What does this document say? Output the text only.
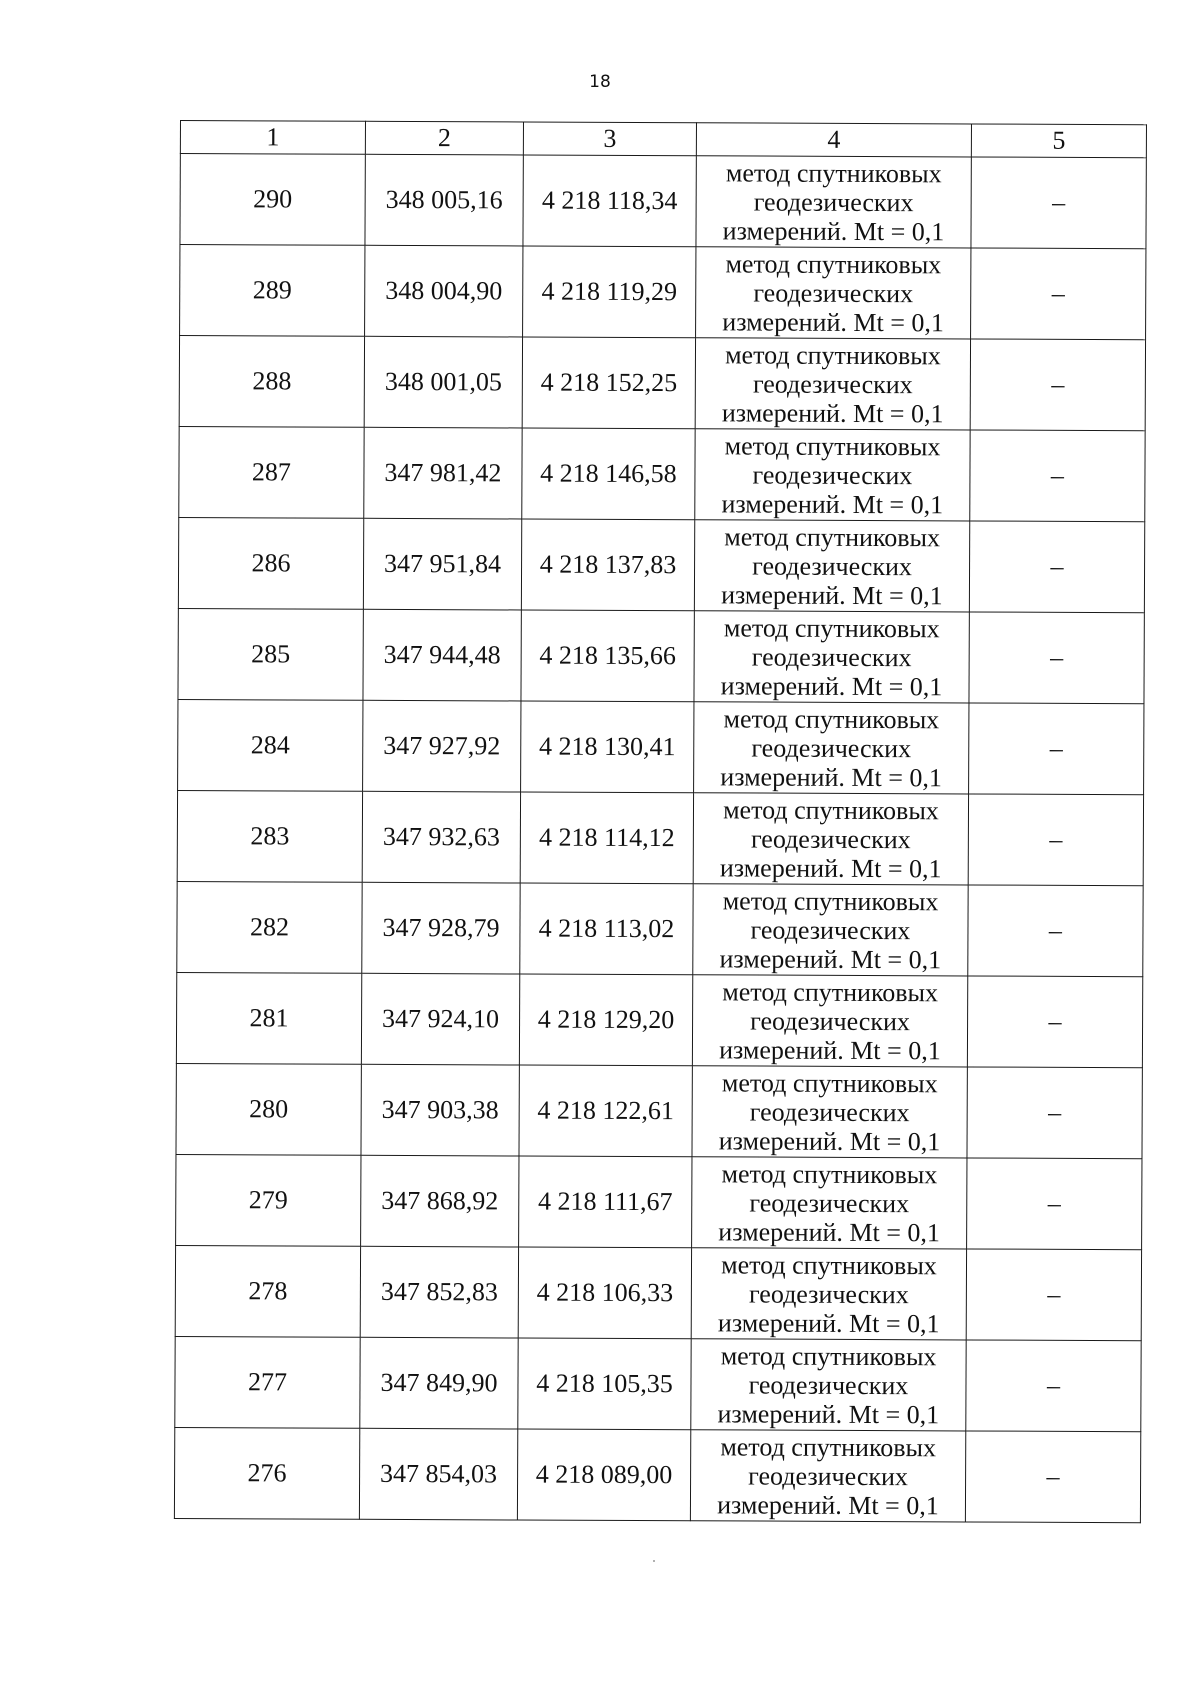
18
1	2	3	4	5
290	348 005,16	4 218 118,34	метод спутниковых
геодезических
измерений. Mt = 0,1	–
289	348 004,90	4 218 119,29	метод спутниковых
геодезических
измерений. Mt = 0,1	–
288	348 001,05	4 218 152,25	метод спутниковых
геодезических
измерений. Mt = 0,1	–
287	347 981,42	4 218 146,58	метод спутниковых
геодезических
измерений. Mt = 0,1	–
286	347 951,84	4 218 137,83	метод спутниковых
геодезических
измерений. Mt = 0,1	–
285	347 944,48	4 218 135,66	метод спутниковых
геодезических
измерений. Mt = 0,1	–
284	347 927,92	4 218 130,41	метод спутниковых
геодезических
измерений. Mt = 0,1	–
283	347 932,63	4 218 114,12	метод спутниковых
геодезических
измерений. Mt = 0,1	–
282	347 928,79	4 218 113,02	метод спутниковых
геодезических
измерений. Mt = 0,1	–
281	347 924,10	4 218 129,20	метод спутниковых
геодезических
измерений. Mt = 0,1	–
280	347 903,38	4 218 122,61	метод спутниковых
геодезических
измерений. Mt = 0,1	–
279	347 868,92	4 218 111,67	метод спутниковых
геодезических
измерений. Mt = 0,1	–
278	347 852,83	4 218 106,33	метод спутниковых
геодезических
измерений. Mt = 0,1	–
277	347 849,90	4 218 105,35	метод спутниковых
геодезических
измерений. Mt = 0,1	–
276	347 854,03	4 218 089,00	метод спутниковых
геодезических
измерений. Mt = 0,1	–
